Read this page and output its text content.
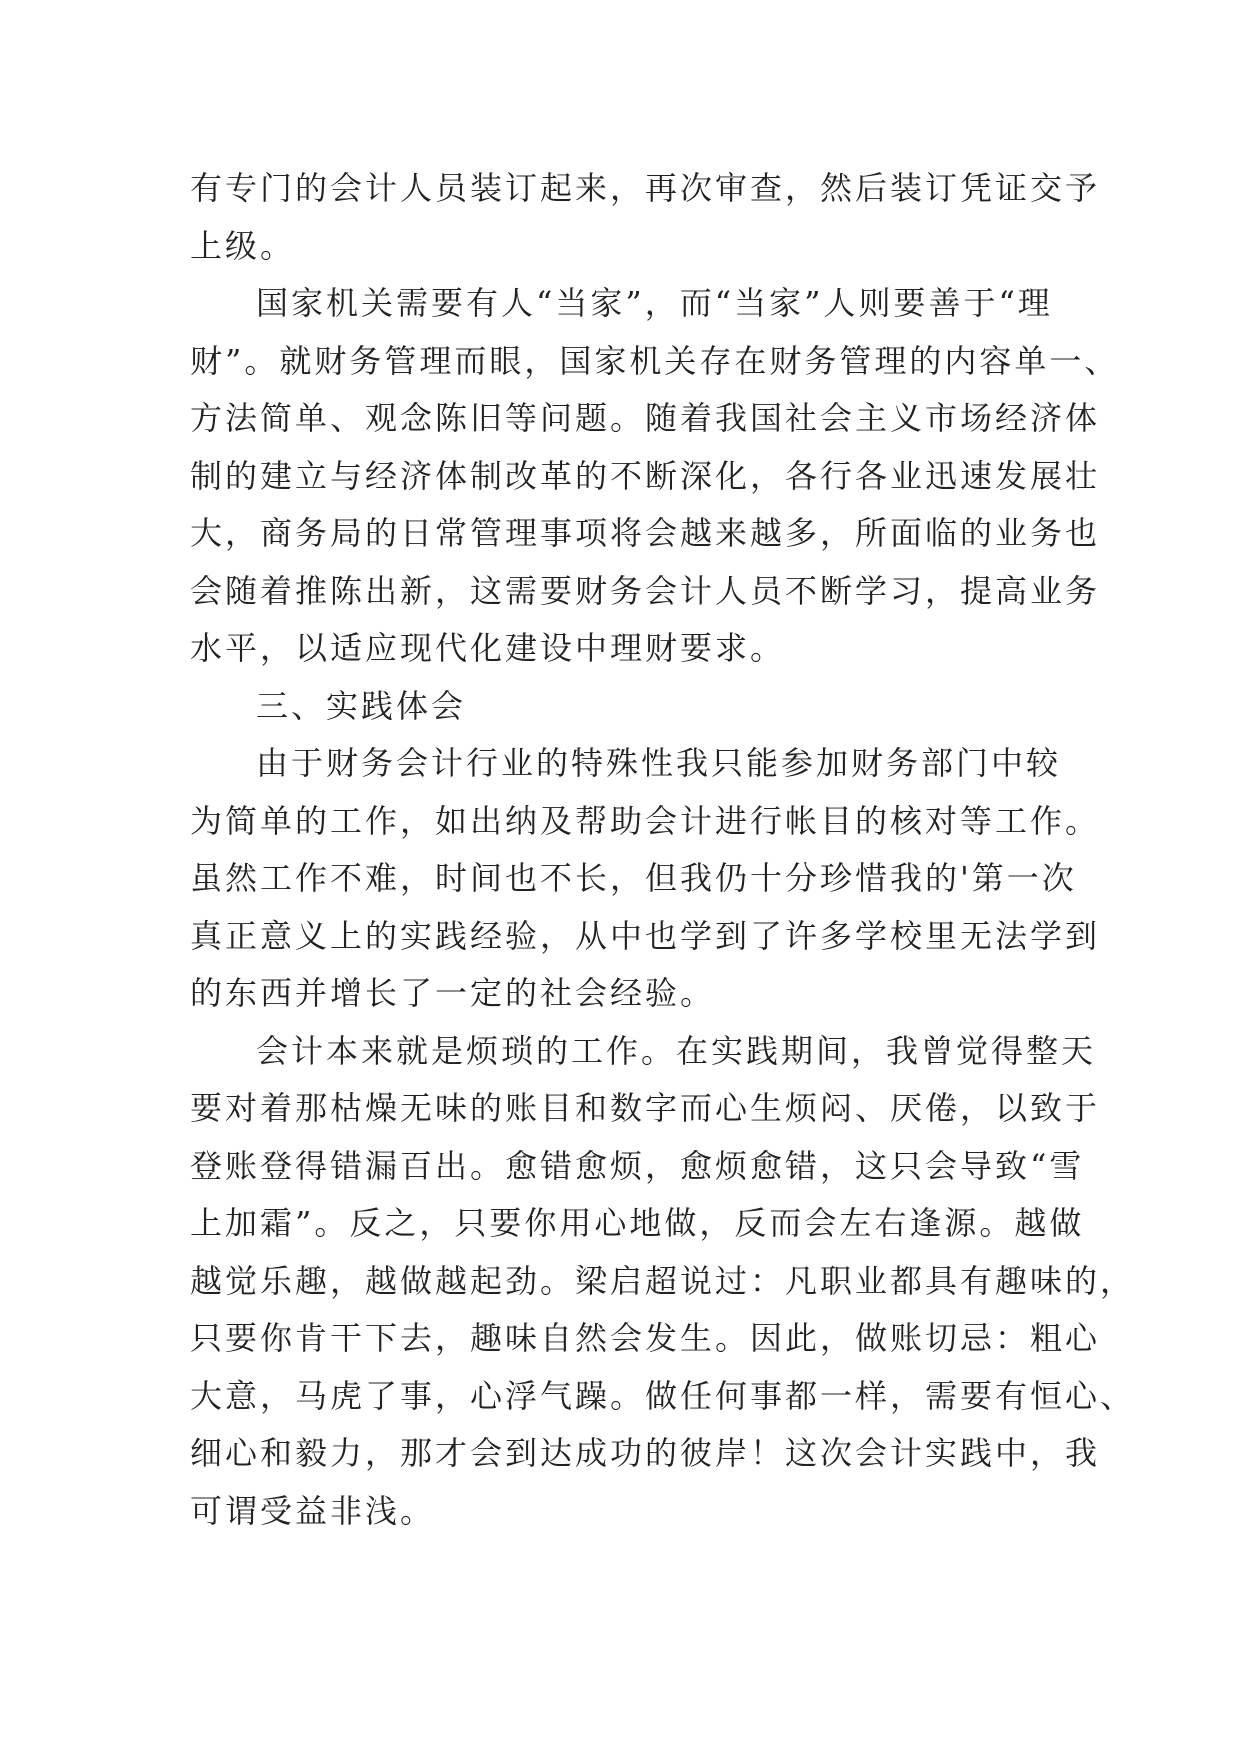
有专门的会计人员装订起来，再次审查，然后装订凭证交予
上级。
国家机关需要有人“当家”，而“当家”人则要善于“理
财”。就财务管理而眼，国家机关存在财务管理的内容单一、
方法简单、观念陈旧等问题。随着我国社会主义市场经济体
制的建立与经济体制改革的不断深化，各行各业迅速发展壮
大，商务局的日常管理事项将会越来越多，所面临的业务也
会随着推陈出新，这需要财务会计人员不断学习，提高业务
水平，以适应现代化建设中理财要求。
三、实践体会
由于财务会计行业的特殊性我只能参加财务部门中较
为简单的工作，如出纳及帮助会计进行帐目的核对等工作。
虽然工作不难，时间也不长，但我仍十分珍惜我的'第一次
真正意义上的实践经验，从中也学到了许多学校里无法学到
的东西并增长了一定的社会经验。
会计本来就是烦琐的工作。在实践期间，我曾觉得整天
要对着那枯燥无味的账目和数字而心生烦闷、厌倦，以致于
登账登得错漏百出。愈错愈烦，愈烦愈错，这只会导致“雪
上加霜”。反之，只要你用心地做，反而会左右逢源。越做
越觉乐趣，越做越起劲。梁启超说过：凡职业都具有趣味的，
只要你肯干下去，趣味自然会发生。因此，做账切忌：粗心
大意，马虎了事，心浮气躁。做任何事都一样，需要有恒心、
细心和毅力，那才会到达成功的彼岸！这次会计实践中，我
可谓受益非浅。
